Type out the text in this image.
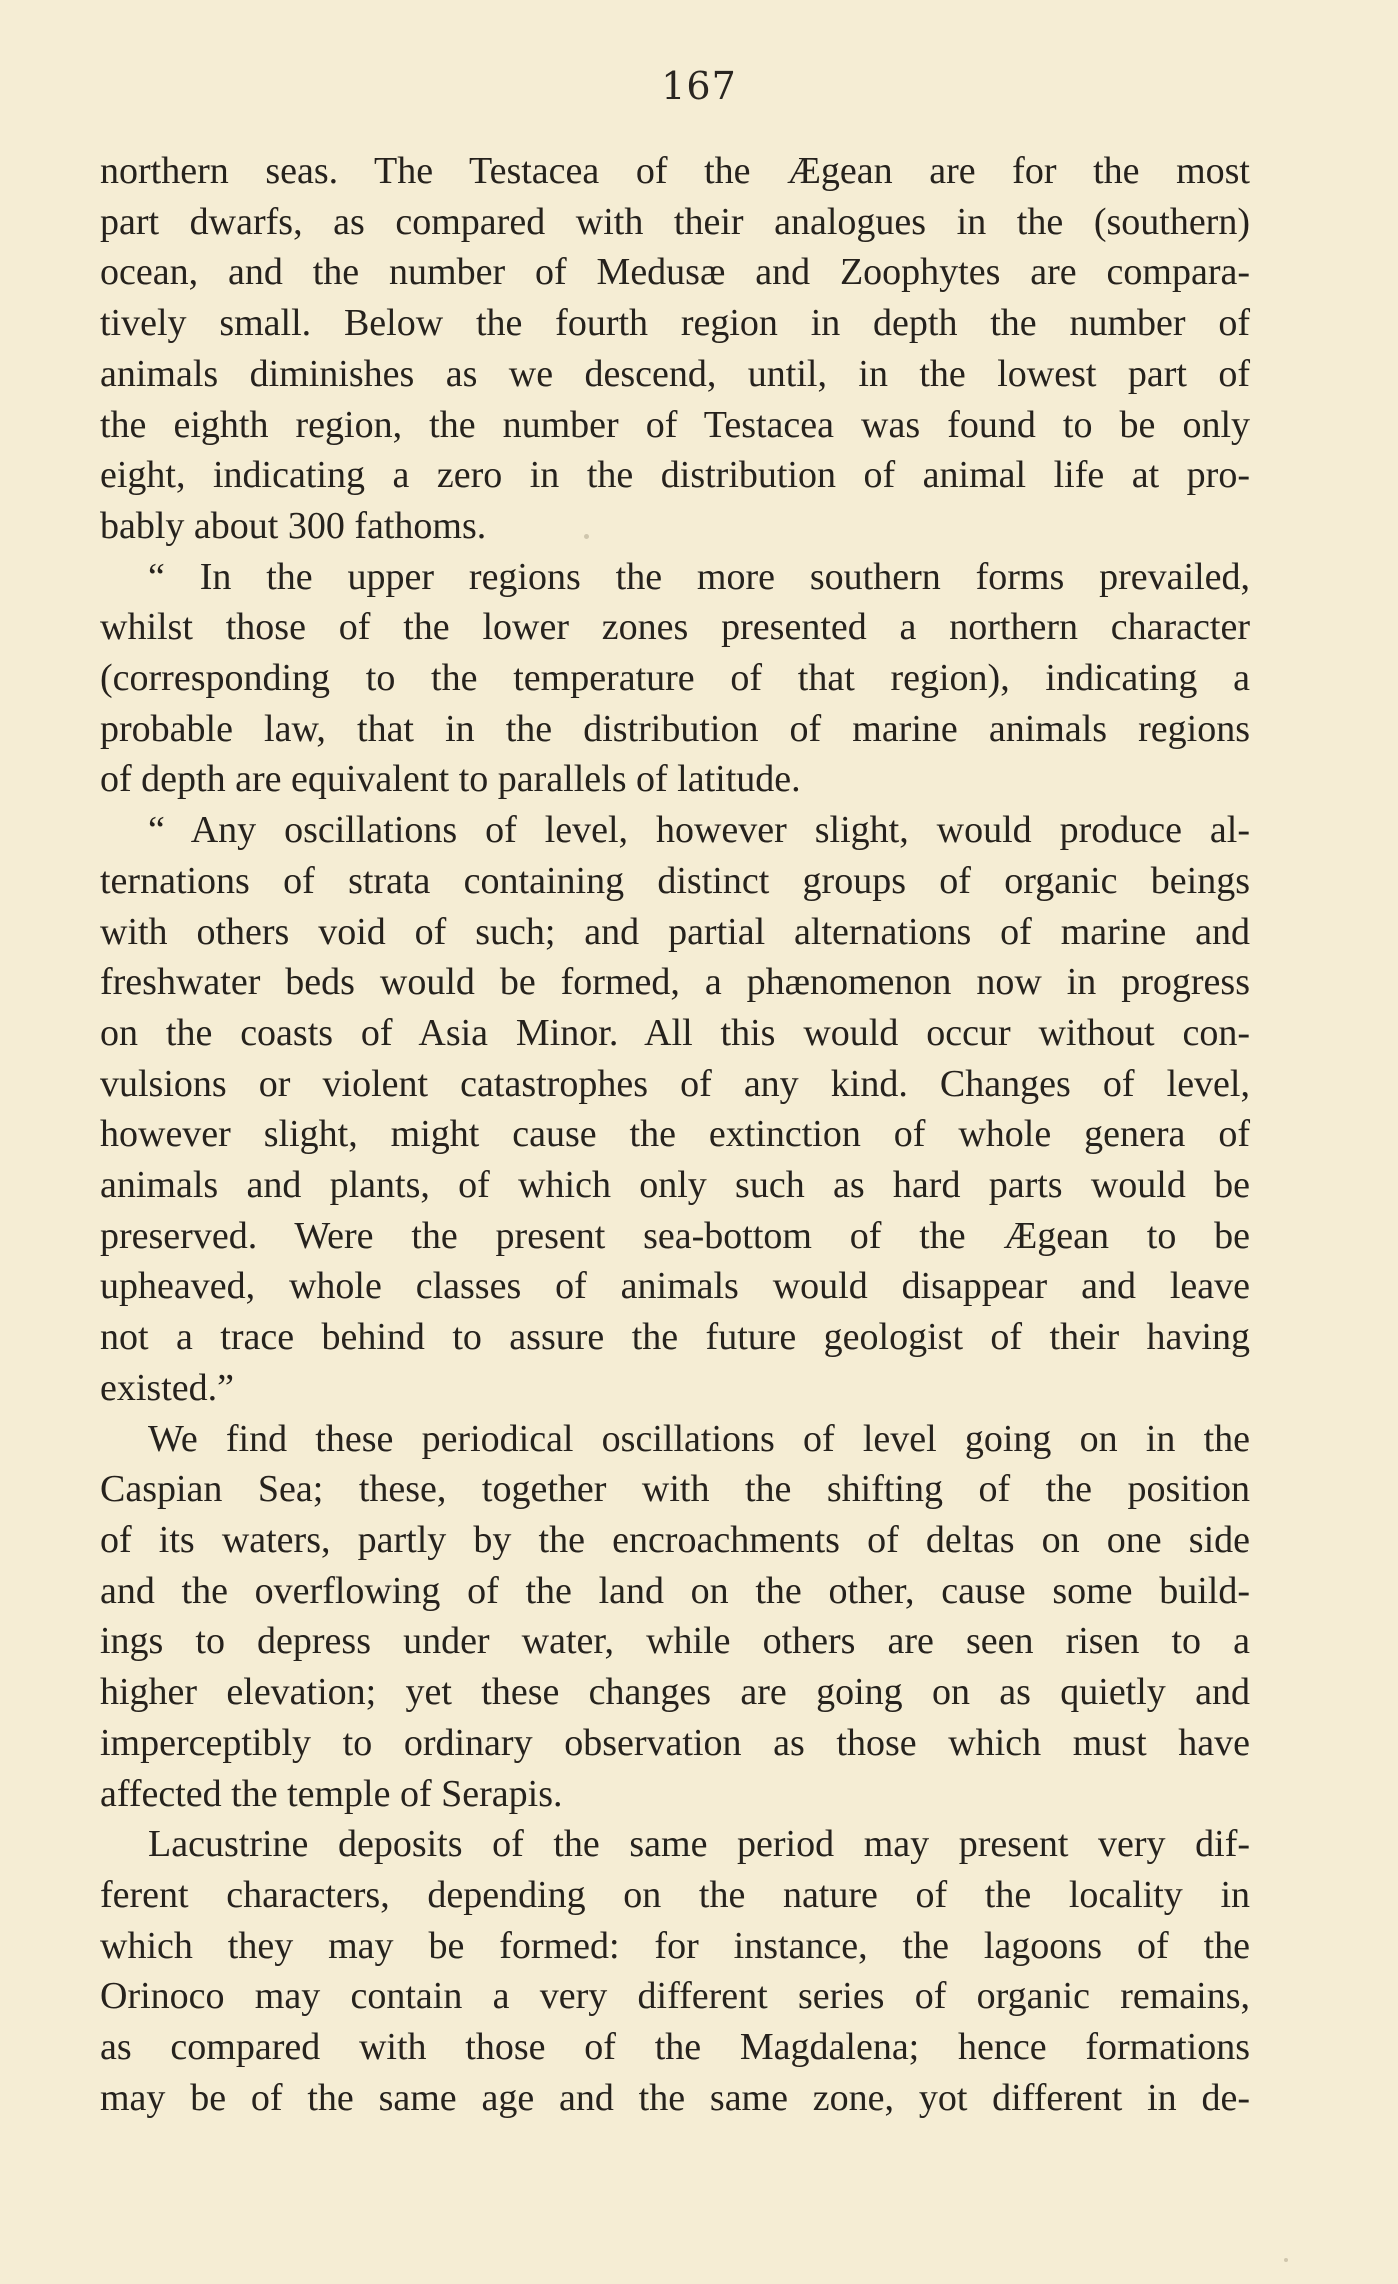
167

northern seas. The Testacea of the Ægean are for the most
part dwarfs, as compared with their analogues in the (southern)
ocean, and the number of Medusæ and Zoophytes are compara-
tively small. Below the fourth region in depth the number of
animals diminishes as we descend, until, in the lowest part of
the eighth region, the number of Testacea was found to be only
eight, indicating a zero in the distribution of animal life at pro-
bably about 300 fathoms.

“ In the upper regions the more southern forms prevailed,
whilst those of the lower zones presented a northern character
(corresponding to the temperature of that region), indicating a
probable law, that in the distribution of marine animals regions
of depth are equivalent to parallels of latitude.

“ Any oscillations of level, however slight, would produce al-
ternations of strata containing distinct groups of organic beings
with others void of such; and partial alternations of marine and
freshwater beds would be formed, a phænomenon now in progress
on the coasts of Asia Minor. All this would occur without con-
vulsions or violent catastrophes of any kind. Changes of level,
however slight, might cause the extinction of whole genera of
animals and plants, of which only such as hard parts would be
preserved. Were the present sea-bottom of the Ægean to be
upheaved, whole classes of animals would disappear and leave
not a trace behind to assure the future geologist of their having
existed.”

We find these periodical oscillations of level going on in the
Caspian Sea; these, together with the shifting of the position
of its waters, partly by the encroachments of deltas on one side
and the overflowing of the land on the other, cause some build-
ings to depress under water, while others are seen risen to a
higher elevation; yet these changes are going on as quietly and
imperceptibly to ordinary observation as those which must have
affected the temple of Serapis.

Lacustrine deposits of the same period may present very dif-
ferent characters, depending on the nature of the locality in
which they may be formed: for instance, the lagoons of the
Orinoco may contain a very different series of organic remains,
as compared with those of the Magdalena; hence formations
may be of the same age and the same zone, yot different in de-
